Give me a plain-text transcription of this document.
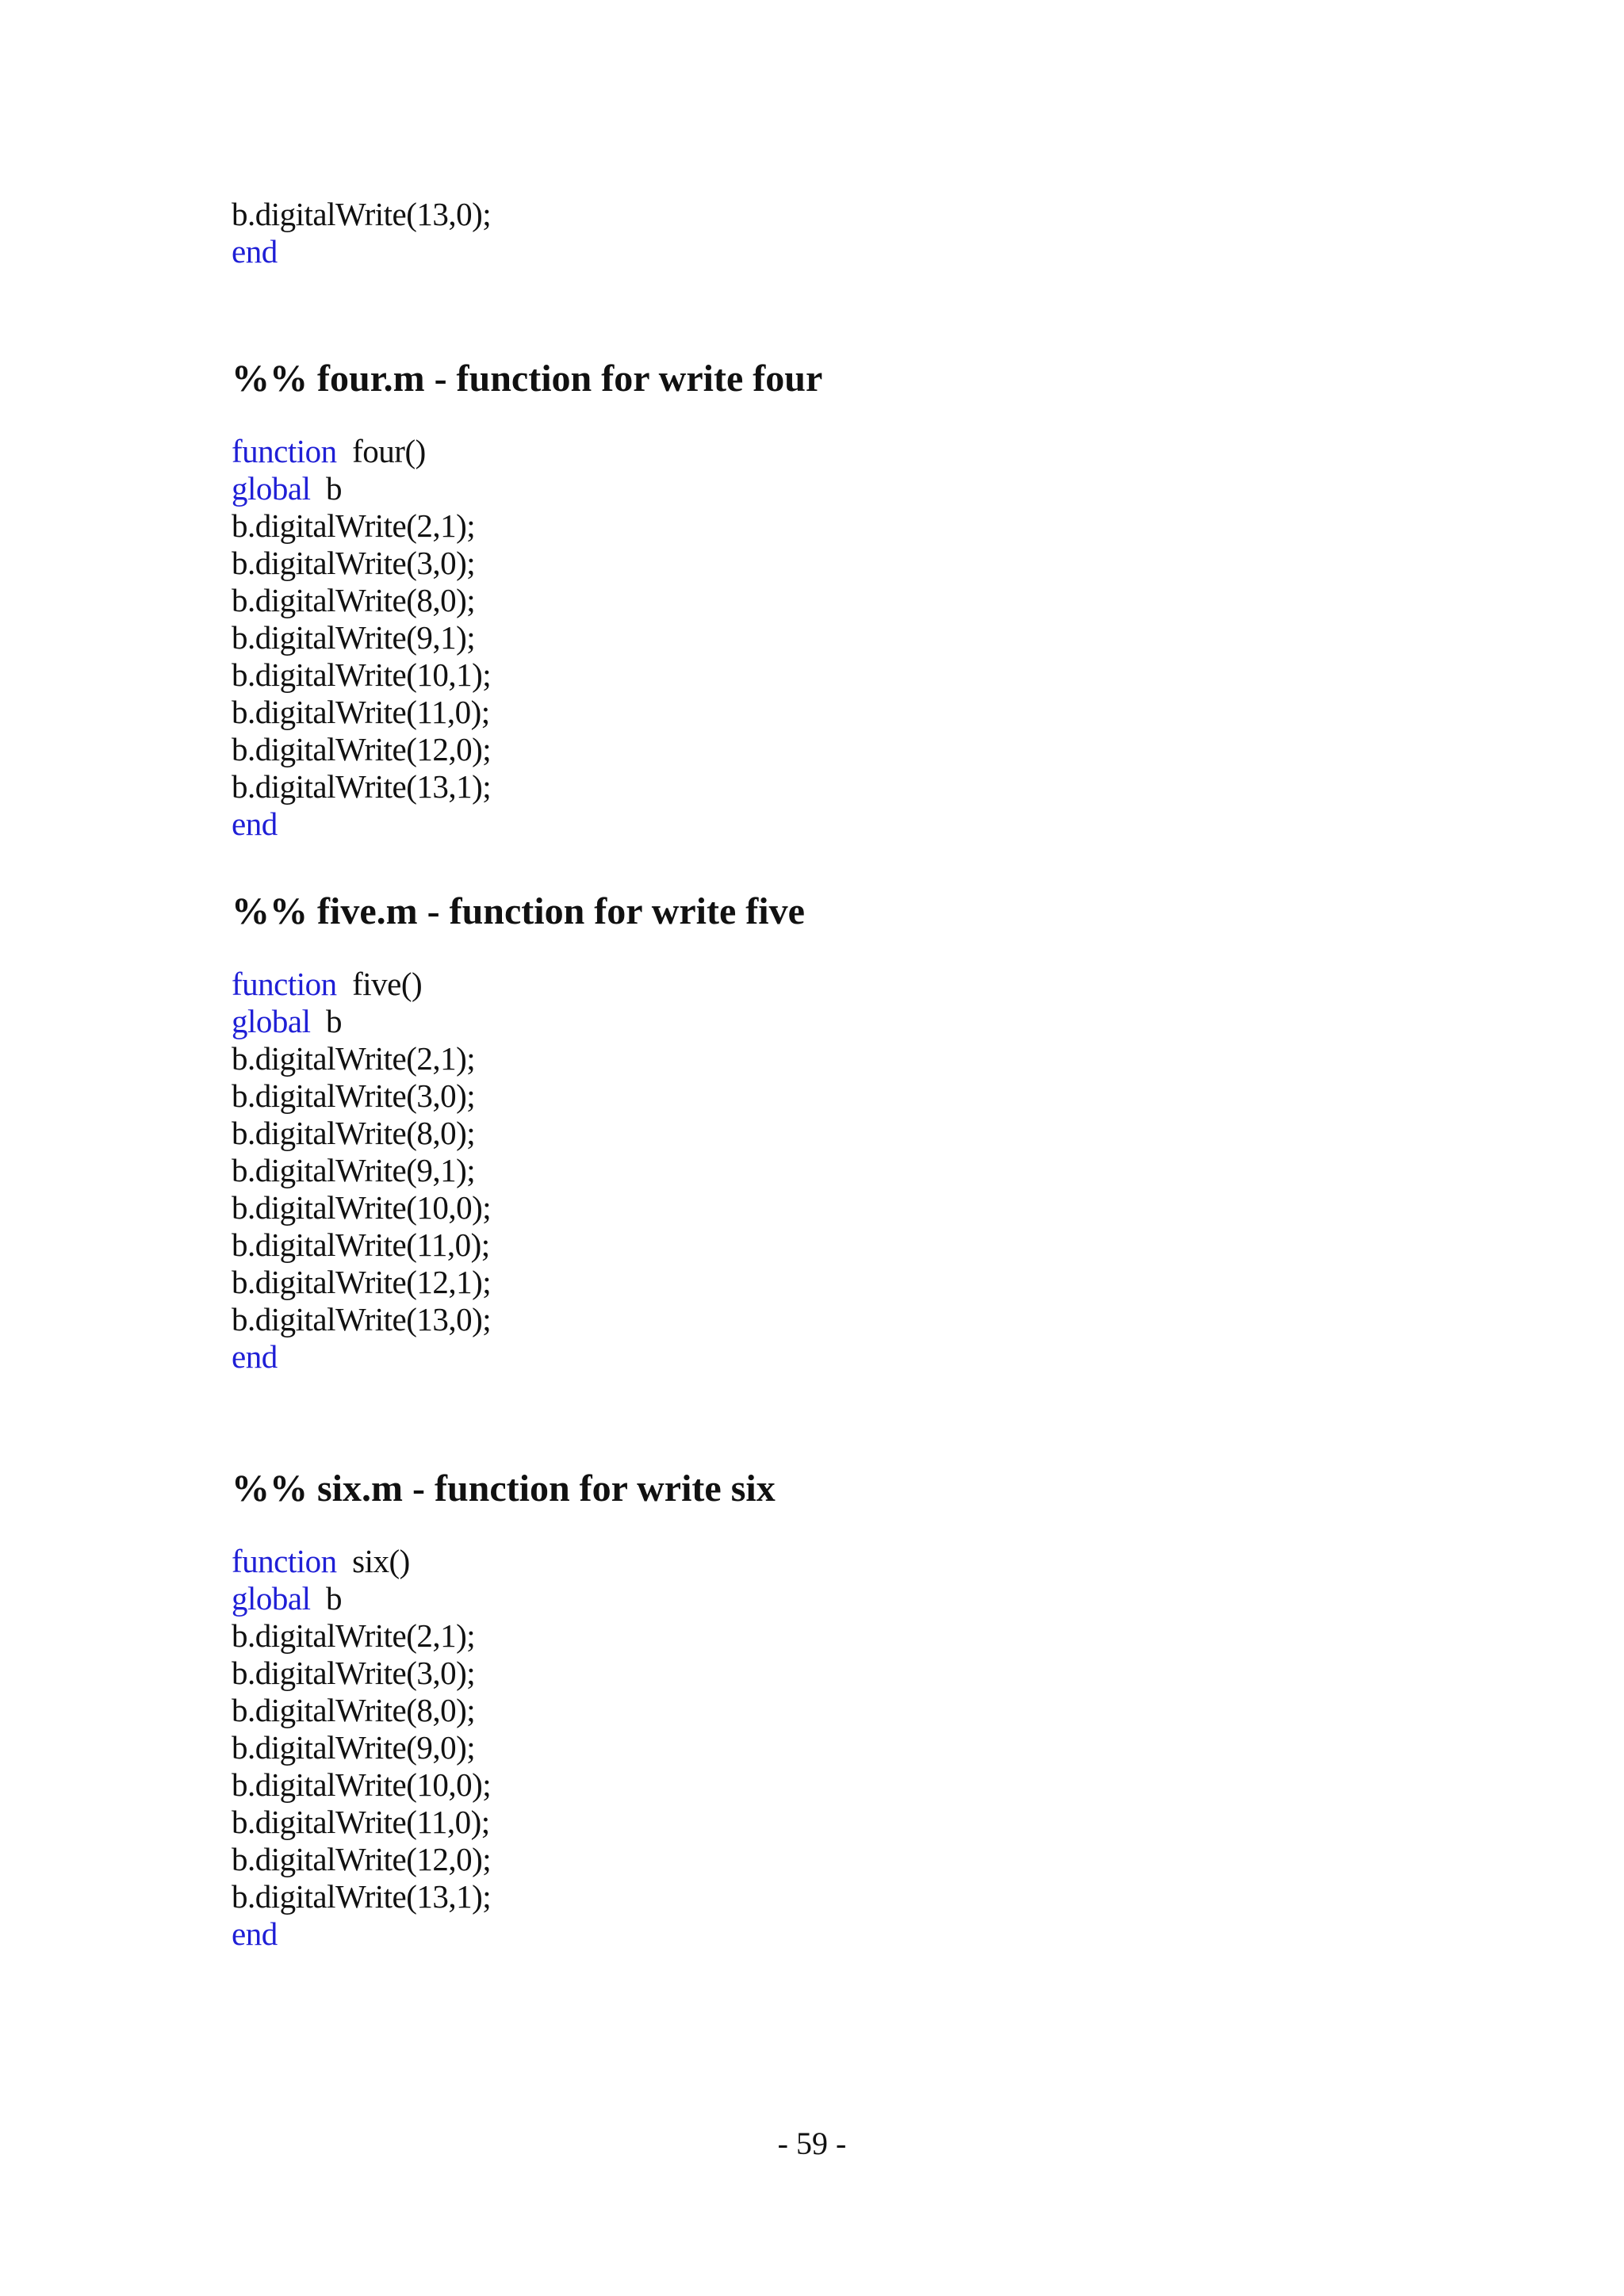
b.digitalWrite(13,0);
end
%% four.m - function for write four
function four()
global b
b.digitalWrite(2,1);
b.digitalWrite(3,0);
b.digitalWrite(8,0);
b.digitalWrite(9,1);
b.digitalWrite(10,1);
b.digitalWrite(11,0);
b.digitalWrite(12,0);
b.digitalWrite(13,1);
end
%% five.m - function for write five
function five()
global b
b.digitalWrite(2,1);
b.digitalWrite(3,0);
b.digitalWrite(8,0);
b.digitalWrite(9,1);
b.digitalWrite(10,0);
b.digitalWrite(11,0);
b.digitalWrite(12,1);
b.digitalWrite(13,0);
end
%% six.m - function for write six
function six()
global b
b.digitalWrite(2,1);
b.digitalWrite(3,0);
b.digitalWrite(8,0);
b.digitalWrite(9,0);
b.digitalWrite(10,0);
b.digitalWrite(11,0);
b.digitalWrite(12,0);
b.digitalWrite(13,1);
end
- 59 -
